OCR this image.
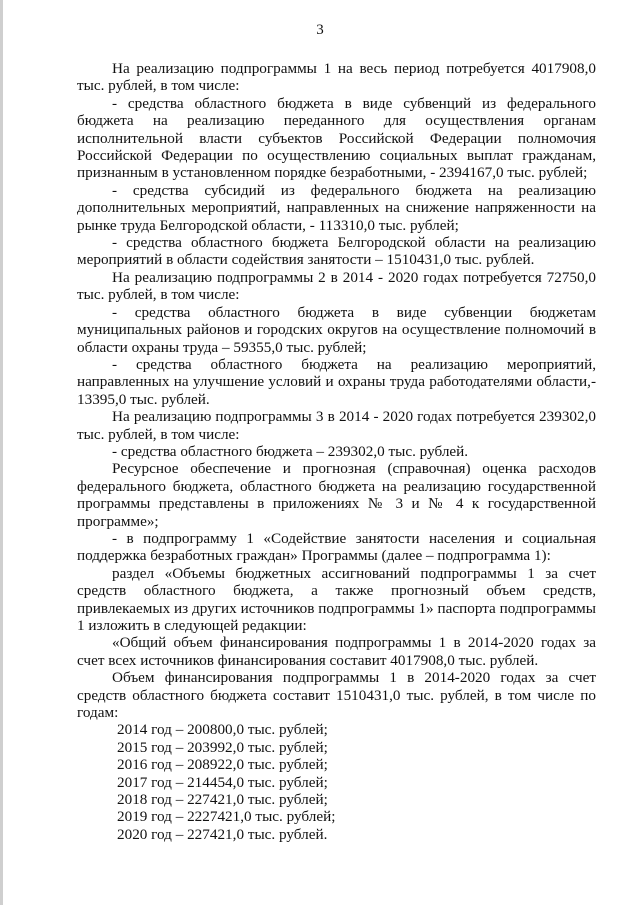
3

На реализацию подпрограммы 1 на весь период потребуется 4017908,0 тыс. рублей, в том числе:

- средства областного бюджета в виде субвенций из федерального бюджета на реализацию переданного для осуществления органам исполнительной власти субъектов Российской Федерации полномочия Российской Федерации по осуществлению социальных выплат гражданам, признанным в установленном порядке безработными, - 2394167,0 тыс. рублей;

- средства субсидий из федерального бюджета на реализацию дополнительных мероприятий, направленных на снижение напряженности на рынке труда Белгородской области, - 113310,0 тыс. рублей;

- средства областного бюджета Белгородской области на реализацию мероприятий в области содействия занятости – 1510431,0 тыс. рублей.

На реализацию подпрограммы 2 в 2014 - 2020 годах потребуется 72750,0 тыс. рублей, в том числе:

- средства областного бюджета в виде субвенции бюджетам муниципальных районов и городских округов на осуществление полномочий в области охраны труда – 59355,0 тыс. рублей;

- средства областного бюджета на реализацию мероприятий, направленных на улучшение условий и охраны труда работодателями области,- 13395,0 тыс. рублей.

На реализацию подпрограммы 3 в 2014 - 2020 годах потребуется 239302,0 тыс. рублей, в том числе:

- средства областного бюджета – 239302,0 тыс. рублей.

Ресурсное обеспечение и прогнозная (справочная) оценка расходов федерального бюджета, областного бюджета на реализацию государственной программы представлены в приложениях № 3 и № 4 к государственной программе»;

- в подпрограмму 1 «Содействие занятости населения и социальная поддержка безработных граждан» Программы (далее – подпрограмма 1):

раздел «Объемы бюджетных ассигнований подпрограммы 1 за счет средств областного бюджета, а также прогнозный объем средств, привлекаемых из других источников подпрограммы 1» паспорта подпрограммы 1 изложить в следующей редакции:

«Общий объем финансирования подпрограммы 1 в 2014-2020 годах за счет всех источников финансирования составит 4017908,0 тыс. рублей.

Объем финансирования подпрограммы 1 в 2014-2020 годах за счет средств областного бюджета составит 1510431,0 тыс. рублей, в том числе по годам:

2014 год – 200800,0 тыс. рублей;
2015 год – 203992,0 тыс. рублей;
2016 год – 208922,0 тыс. рублей;
2017 год – 214454,0 тыс. рублей;
2018 год – 227421,0 тыс. рублей;
2019 год – 2227421,0 тыс. рублей;
2020 год – 227421,0 тыс. рублей.
